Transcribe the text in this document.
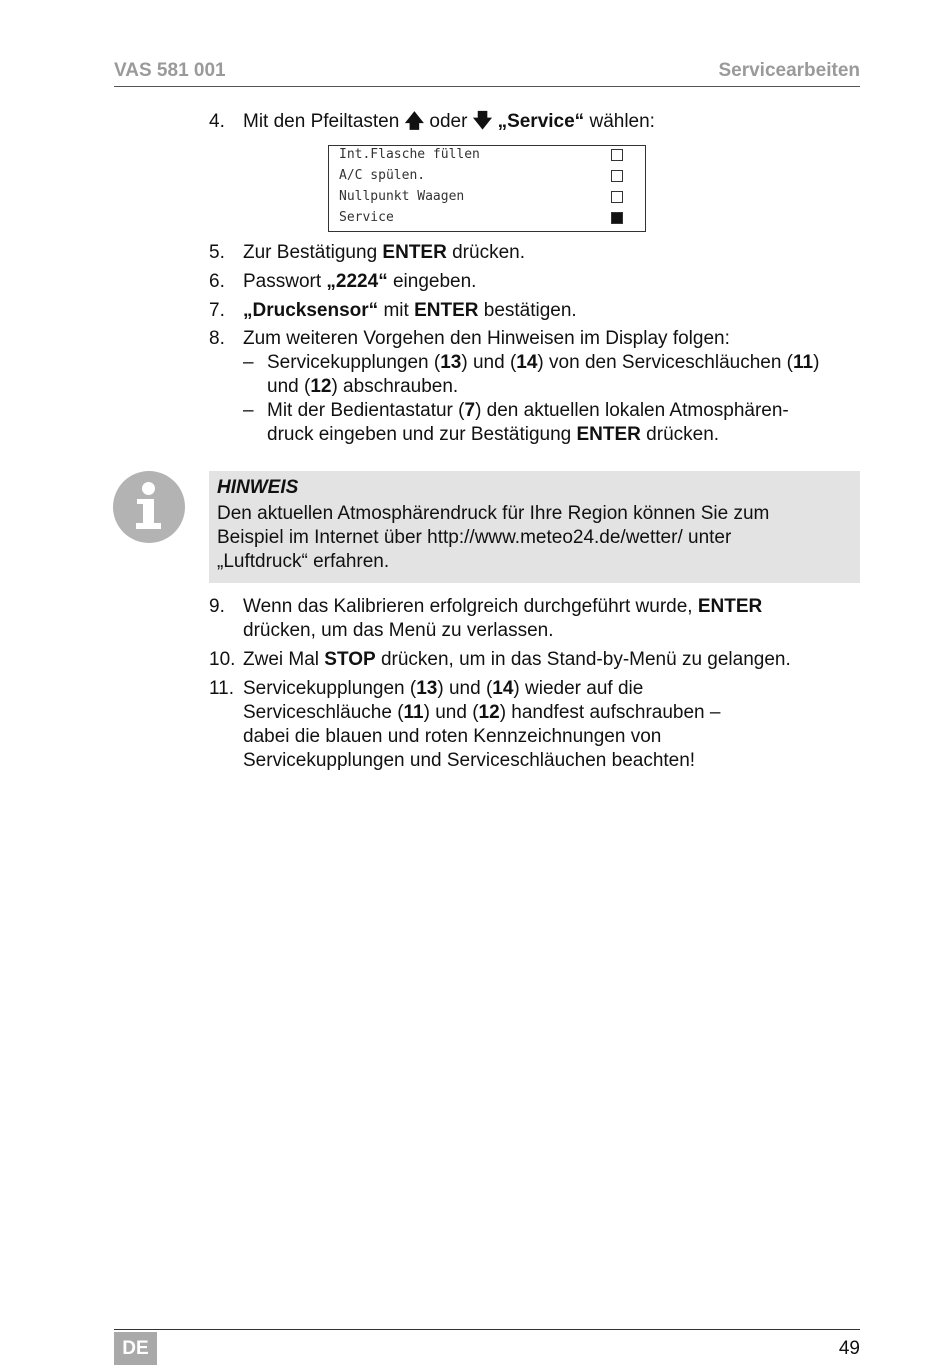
VAS 581 001	Servicearbeiten
4. Mit den Pfeiltasten 🡅 oder 🡇 „Service“ wählen:
Int.Flasche füllen
A/C spülen.
Nullpunkt Waagen
Service
5. Zur Bestätigung ENTER drücken.
6. Passwort „2224“ eingeben.
7. „Drucksensor“ mit ENTER bestätigen.
8. Zum weiteren Vorgehen den Hinweisen im Display folgen:
– Servicekupplungen (13) und (14) von den Serviceschläuchen (11)
und (12) abschrauben.
– Mit der Bedientastatur (7) den aktuellen lokalen Atmosphären-
druck eingeben und zur Bestätigung ENTER drücken.
HINWEIS
Den aktuellen Atmosphärendruck für Ihre Region können Sie zum
Beispiel im Internet über http://www.meteo24.de/wetter/ unter
„Luftdruck“ erfahren.
9. Wenn das Kalibrieren erfolgreich durchgeführt wurde, ENTER
drücken, um das Menü zu verlassen.
10. Zwei Mal STOP drücken, um in das Stand-by-Menü zu gelangen.
11. Servicekupplungen (13) und (14) wieder auf die
Serviceschläuche (11) und (12) handfest aufschrauben –
dabei die blauen und roten Kennzeichnungen von
Servicekupplungen und Serviceschläuchen beachten!
DE	49
